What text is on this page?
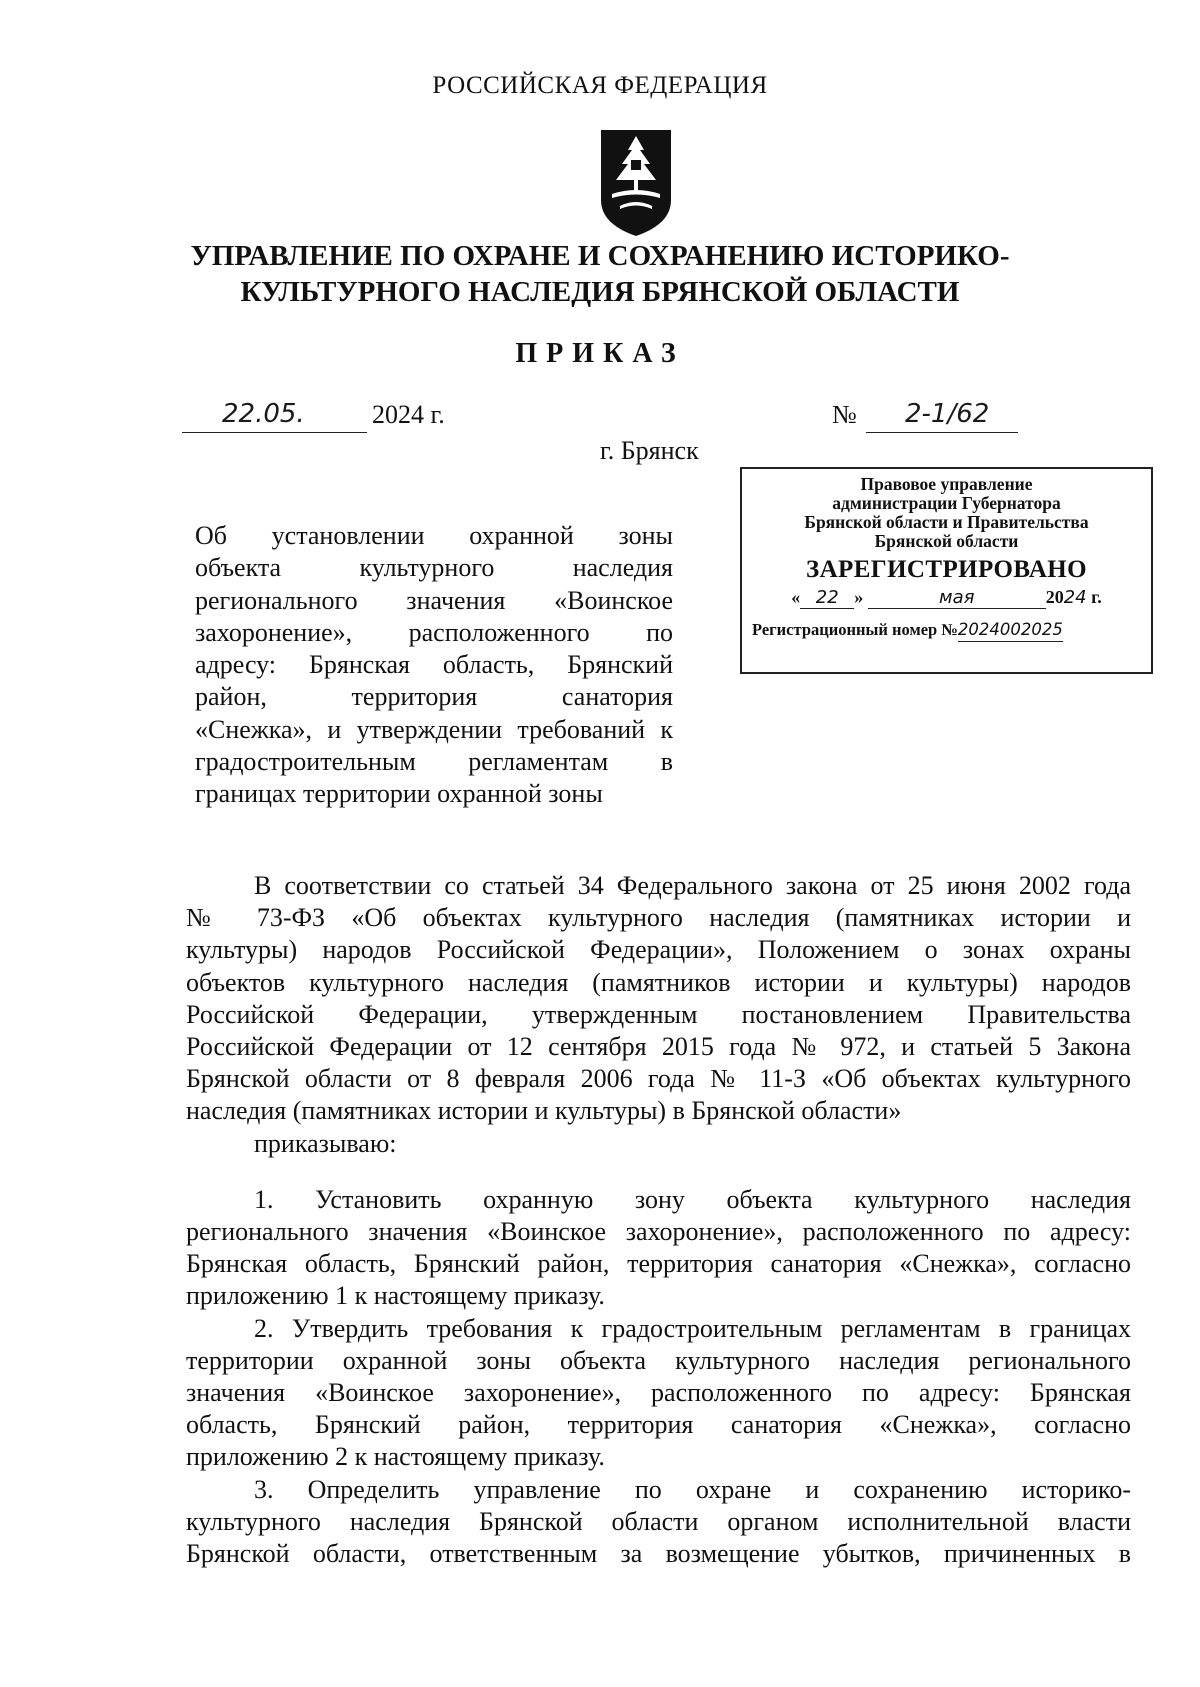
РОССИЙСКАЯ ФЕДЕРАЦИЯ
УПРАВЛЕНИЕ ПО ОХРАНЕ И СОХРАНЕНИЮ ИСТОРИКО-
КУЛЬТУРНОГО НАСЛЕДИЯ БРЯНСКОЙ ОБЛАСТИ
ПРИКАЗ
22.05.	2024 г.	№ 2-1/62
г. Брянск
Правовое управление
администрации Губернатора
Брянской области и Правительства
Брянской области
ЗАРЕГИСТРИРОВАНО
« 22 »	мая	2024 г.
Регистрационный номер №2024002025
Об установлении охранной зоны
объекта культурного наследия
регионального значения «Воинское
захоронение», расположенного по
адресу: Брянская область, Брянский
район, территория санатория
«Снежка», и утверждении требований к
градостроительным регламентам в
границах территории охранной зоны
В соответствии со статьей 34 Федерального закона от 25 июня 2002 года
№ 73-ФЗ «Об объектах культурного наследия (памятниках истории и
культуры) народов Российской Федерации», Положением о зонах охраны
объектов культурного наследия (памятников истории и культуры) народов
Российской Федерации, утвержденным постановлением Правительства
Российской Федерации от 12 сентября 2015 года № 972, и статьей 5 Закона
Брянской области от 8 февраля 2006 года № 11-З «Об объектах культурного
наследия (памятниках истории и культуры) в Брянской области»
приказываю:
1. Установить охранную зону объекта культурного наследия
регионального значения «Воинское захоронение», расположенного по адресу:
Брянская область, Брянский район, территория санатория «Снежка», согласно
приложению 1 к настоящему приказу.
2. Утвердить требования к градостроительным регламентам в границах
территории охранной зоны объекта культурного наследия регионального
значения «Воинское захоронение», расположенного по адресу: Брянская
область, Брянский район, территория санатория «Снежка», согласно
приложению 2 к настоящему приказу.
3. Определить управление по охране и сохранению историко-
культурного наследия Брянской области органом исполнительной власти
Брянской области, ответственным за возмещение убытков, причиненных в
